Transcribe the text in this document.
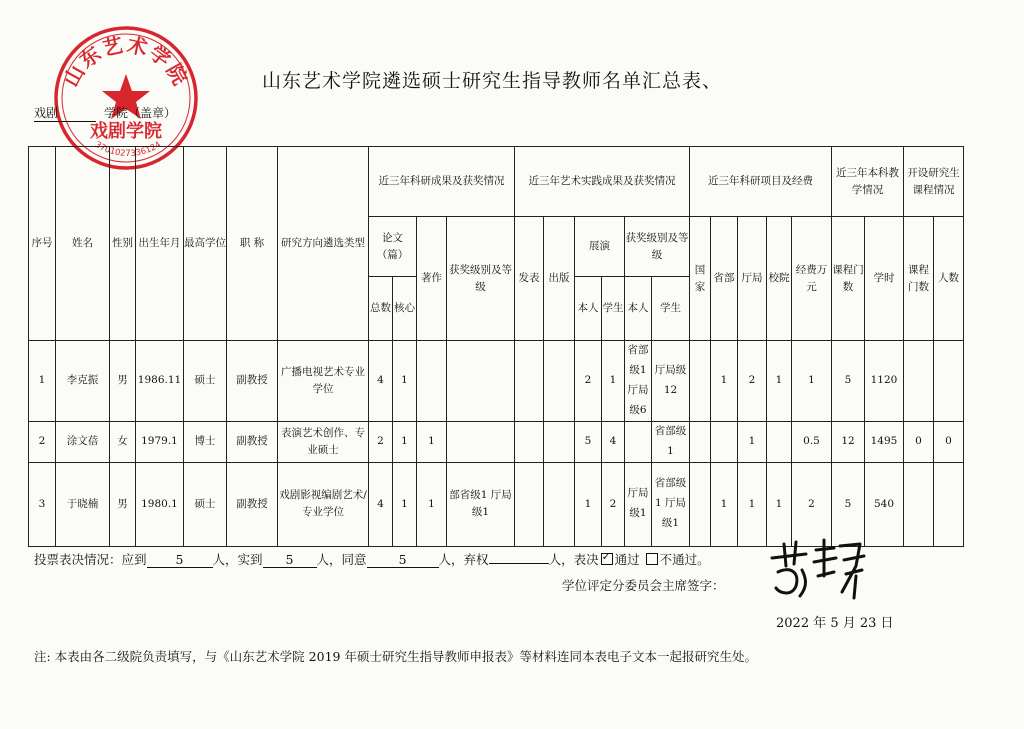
山东艺术学院
戏剧学院
3701027336124
山东艺术学院遴选硕士研究生指导教师名单汇总表、
戏剧	学院（盖章）
序号	姓名	性别	出生年月	最高学位	职 称	研究方向遴选类型	近三年科研成果及获奖情况				近三年艺术实践成果及获奖情况						近三年科研项目及经费					近三年本科教学情况		开设研究生课程情况	
							论文（篇）		著作	获奖级别及等级	发表	出版	展演		获奖级别及等级		国家	省部	厅局	校院	经费万元	课程门数	学时	课程门数	人数
							总数	核心					本人	学生	本人	学生									
1	李克振	男	1986.11	硕士	副教授	广播电视艺术专业学位	4	1					2	1	省部级1 厅局级6	厅局级12		1	2	1	1	5	1120		
2	涂文蓓	女	1979.1	博士	副教授	表演艺术创作、专业硕士	2	1	1				5	4		省部级1			1		0.5	12	1495	0	0
3	于晓楠	男	1980.1	硕士	副教授	戏剧影视编剧艺术/专业学位	4	1	1	部省级1 厅局级1			1	2	厅局级1	省部级1 厅局级1		1	1	1	2	5	540		
投票表决情况：应到 5 人，实到 5 人，同意	5	人，弃权	人，表决 ✓ 通过 不通过。
学位评定分委员会主席签字：
2022 年 5 月 23 日
注: 本表由各二级院负责填写，与《山东艺术学院 2019 年硕士研究生指导教师申报表》等材料连同本表电子文本一起报研究生处。
